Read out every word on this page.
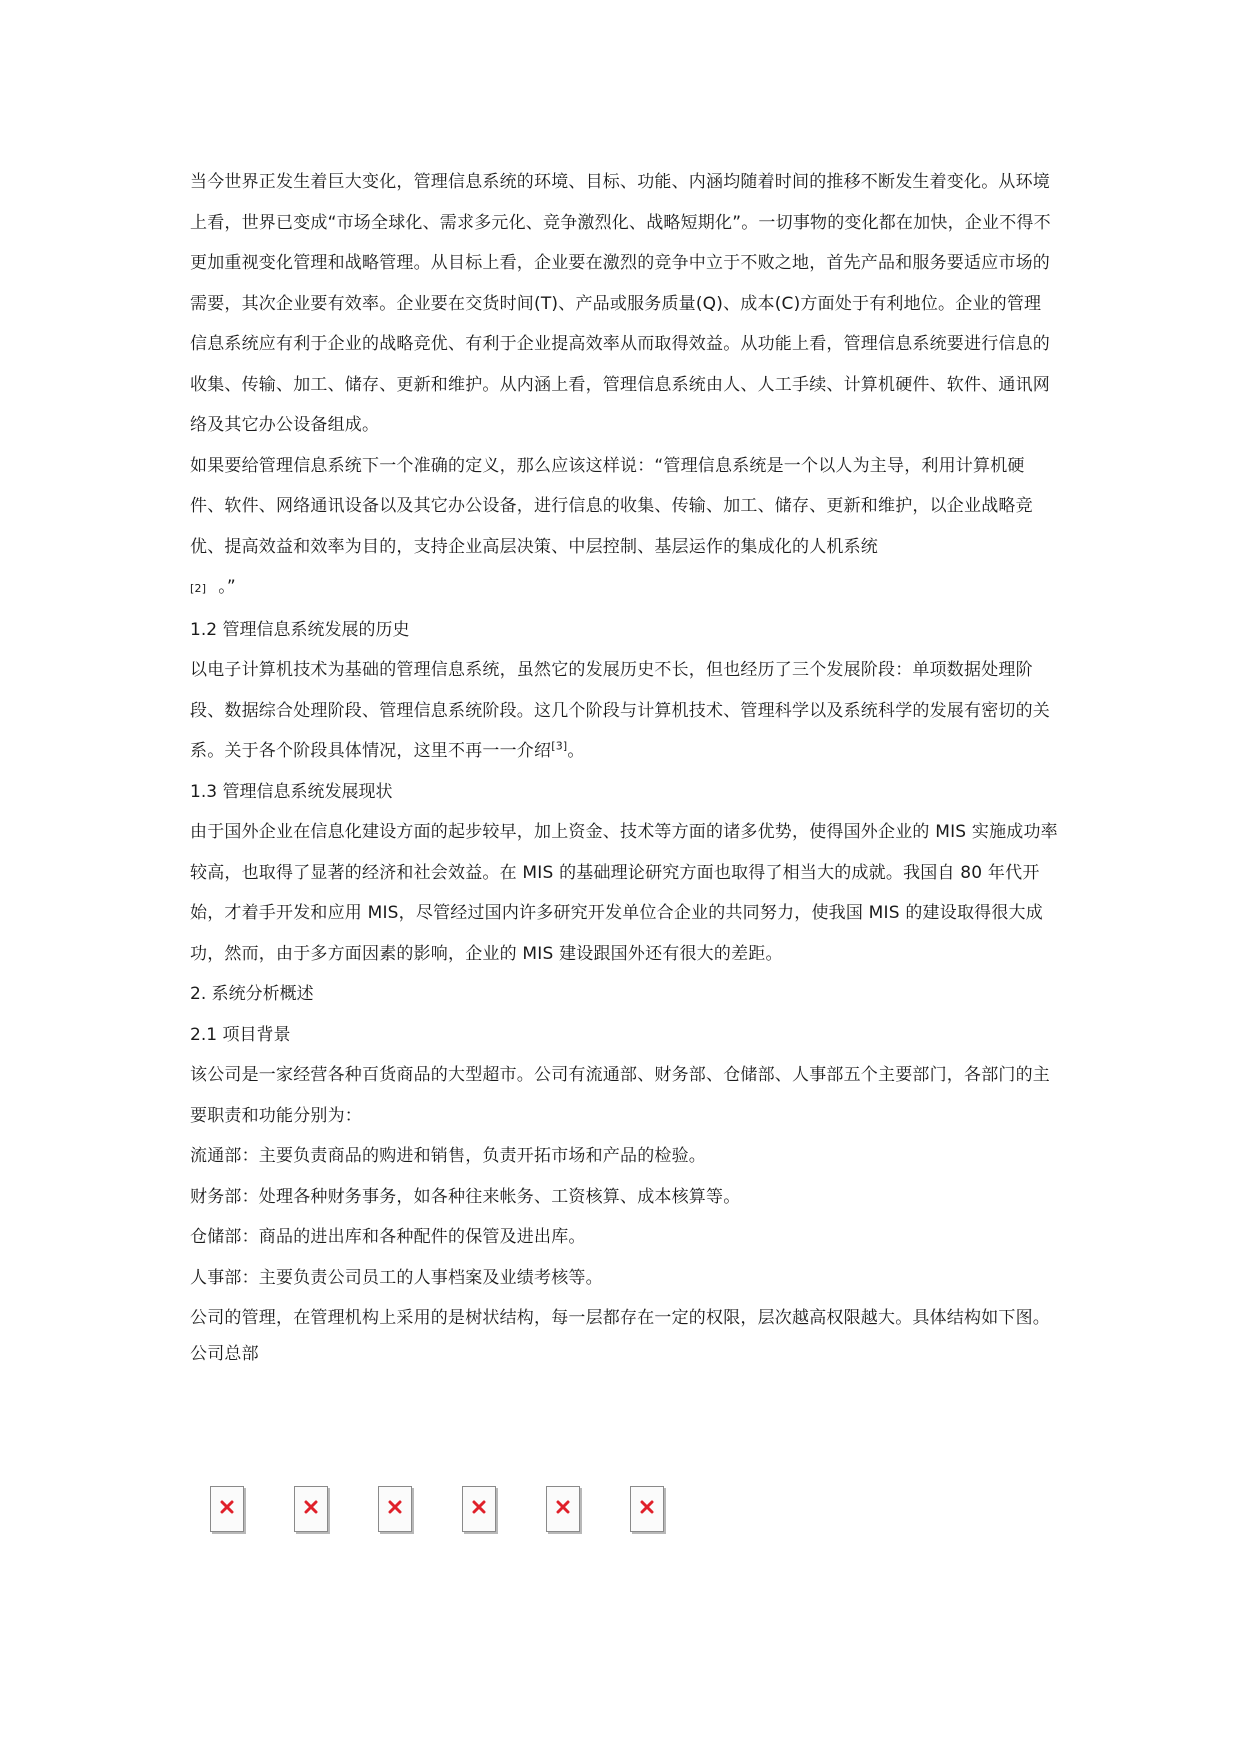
当今世界正发生着巨大变化，管理信息系统的环境、目标、功能、内涵均随着时间的推移不断发生着变化。从环境上看，世界已变成“市场全球化、需求多元化、竞争激烈化、战略短期化”。一切事物的变化都在加快，企业不得不更加重视变化管理和战略管理。从目标上看，企业要在激烈的竞争中立于不败之地，首先产品和服务要适应市场的需要，其次企业要有效率。企业要在交货时间(T)、产品或服务质量(Q)、成本(C)方面处于有利地位。企业的管理信息系统应有利于企业的战略竞优、有利于企业提高效率从而取得效益。从功能上看，管理信息系统要进行信息的收集、传输、加工、储存、更新和维护。从内涵上看，管理信息系统由人、人工手续、计算机硬件、软件、通讯网络及其它办公设备组成。

如果要给管理信息系统下一个准确的定义，那么应该这样说：“管理信息系统是一个以人为主导，利用计算机硬件、软件、网络通讯设备以及其它办公设备，进行信息的收集、传输、加工、储存、更新和维护，以企业战略竞优、提高效益和效率为目的，支持企业高层决策、中层控制、基层运作的集成化的人机系统
[2] 。”

1.2 管理信息系统发展的历史

以电子计算机技术为基础的管理信息系统，虽然它的发展历史不长，但也经历了三个发展阶段：单项数据处理阶段、数据综合处理阶段、管理信息系统阶段。这几个阶段与计算机技术、管理科学以及系统科学的发展有密切的关系。关于各个阶段具体情况，这里不再一一介绍[3]。

1.3 管理信息系统发展现状

由于国外企业在信息化建设方面的起步较早，加上资金、技术等方面的诸多优势，使得国外企业的 MIS 实施成功率较高，也取得了显著的经济和社会效益。在 MIS 的基础理论研究方面也取得了相当大的成就。我国自 80 年代开始，才着手开发和应用 MIS，尽管经过国内许多研究开发单位合企业的共同努力，使我国 MIS 的建设取得很大成功，然而，由于多方面因素的影响，企业的 MIS 建设跟国外还有很大的差距。

2. 系统分析概述

2.1 项目背景

该公司是一家经营各种百货商品的大型超市。公司有流通部、财务部、仓储部、人事部五个主要部门，各部门的主要职责和功能分别为：

流通部：主要负责商品的购进和销售，负责开拓市场和产品的检验。

财务部：处理各种财务事务，如各种往来帐务、工资核算、成本核算等。

仓储部：商品的进出库和各种配件的保管及进出库。

人事部：主要负责公司员工的人事档案及业绩考核等。

公司的管理，在管理机构上采用的是树状结构，每一层都存在一定的权限，层次越高权限越大。具体结构如下图。

公司总部
